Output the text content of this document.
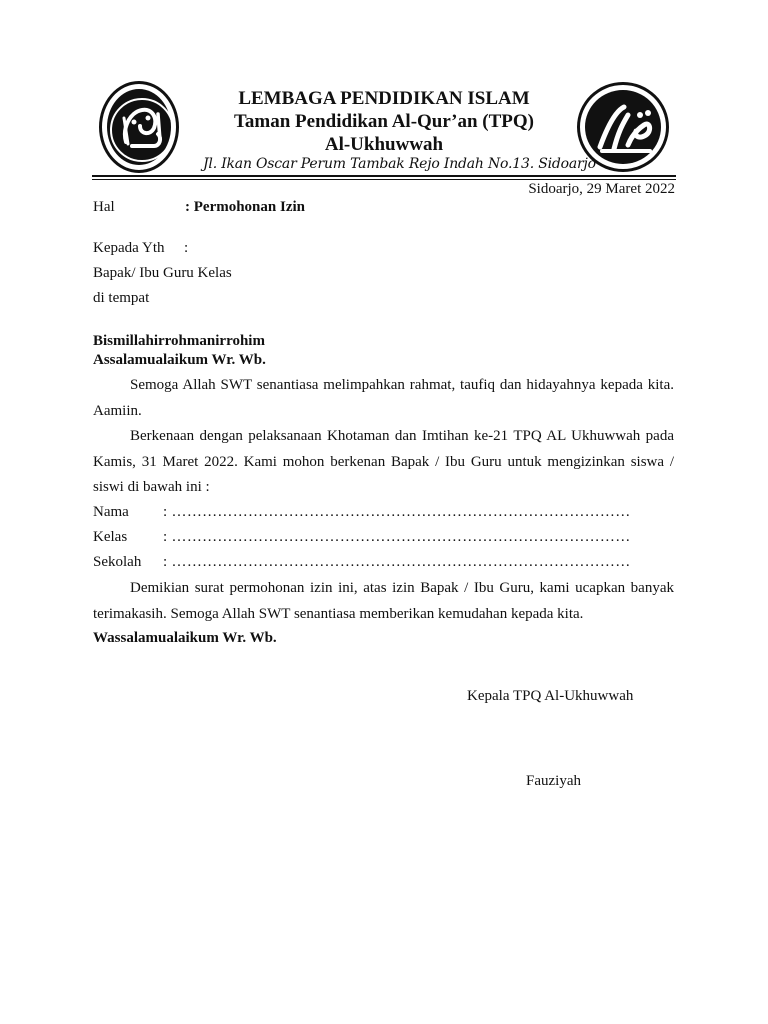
LEMBAGA PENDIDIKAN ISLAM
Taman Pendidikan Al-Qur’an (TPQ)
Al-Ukhuwwah
Jl. Ikan Oscar Perum Tambak Rejo Indah No.13. Sidoarjo
Sidoarjo, 29 Maret 2022
Hal	: Permohonan Izin
Kepada Yth :
Bapak/ Ibu Guru Kelas
di tempat
Bismillahirrohmanirrohim
Assalamualaikum Wr. Wb.
Semoga Allah SWT senantiasa melimpahkan rahmat, taufiq dan hidayahnya kepada kita. Aamiin.
Berkenaan dengan pelaksanaan Khotaman dan Imtihan ke-21 TPQ AL Ukhuwwah pada Kamis, 31 Maret 2022. Kami mohon berkenan Bapak / Ibu Guru untuk mengizinkan siswa / siswi di bawah ini :
Nama : ………………………………………………………………………………
Kelas : ………………………………………………………………………………
Sekolah : ………………………………………………………………………………
Demikian surat permohonan izin ini, atas izin Bapak / Ibu Guru, kami ucapkan banyak terimakasih. Semoga Allah SWT senantiasa memberikan kemudahan kepada kita.
Wassalamualaikum Wr. Wb.
Kepala TPQ Al-Ukhuwwah
Fauziyah
